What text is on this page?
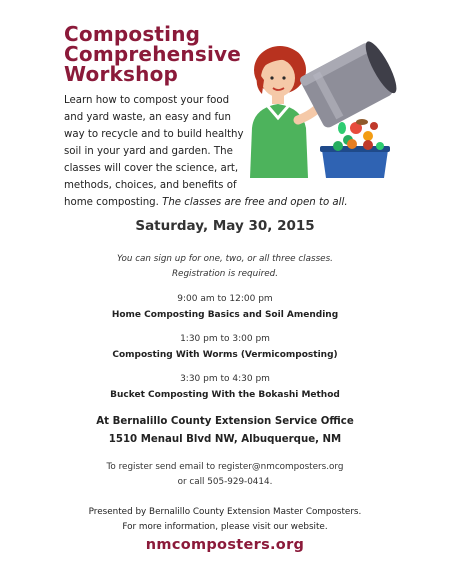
Composting
Comprehensive
Workshop
Learn how to compost your food
and yard waste, an easy and fun
way to recycle and to build healthy
soil in your yard and garden. The
classes will cover the science, art,
methods, choices, and benefits of
home composting. The classes are free and open to all.
Saturday, May 30, 2015
You can sign up for one, two, or all three classes.
Registration is required.
9:00 am to 12:00 pm
Home Composting Basics and Soil Amending
1:30 pm to 3:00 pm
Composting With Worms (Vermicomposting)
3:30 pm to 4:30 pm
Bucket Composting With the Bokashi Method
At Bernalillo County Extension Service Office
1510 Menaul Blvd NW, Albuquerque, NM
To register send email to register@nmcomposters.org
or call 505-929-0414.
Presented by Bernalillo County Extension Master Composters.
For more information, please visit our website.
nmcomposters.org
